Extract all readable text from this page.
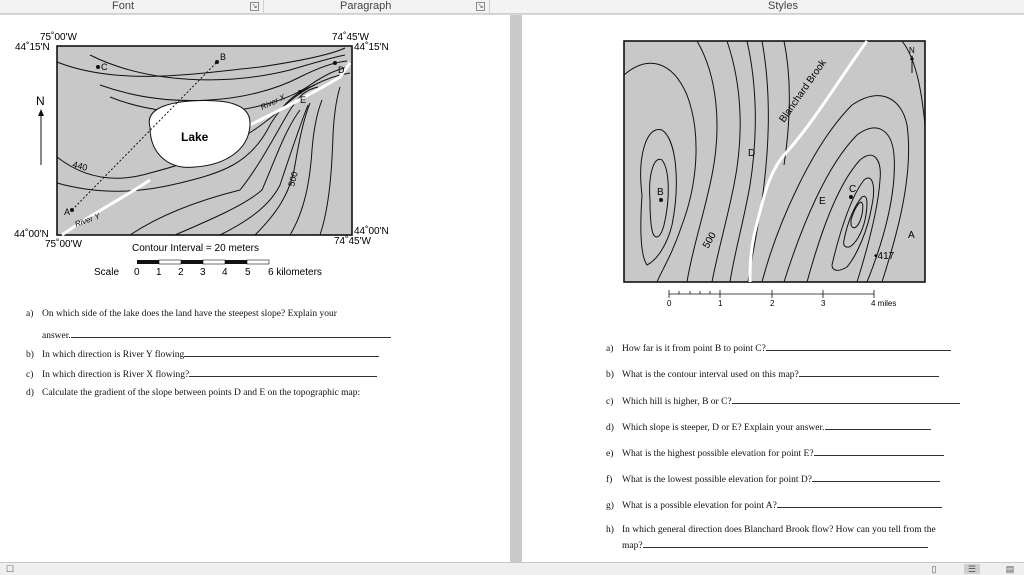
Font	↘	Paragraph	↘	Styles
75˚00'W
44˚15'N
74˚45'W
44˚15'N
44˚00'N
75˚00'W
44˚00'N
74˚45'W
N
Lake
River X
River Y
440
500
A
B
C	D
E
Contour Interval = 20 meters
Scale 0 1 2 3 4 5 6 kilometers
a) On which side of the lake does the land have the steepest slope? Explain your
answer.
b) In which direction is River Y flowing
c) In which direction is River X flowing?
d) Calculate the gradient of the slope between points D and E on the topographic map:
N
Blanchard Brook
500	A
B	C
D
E
•417
0	1	2	3	4 miles
a) How far is it from point B to point C?
b) What is the contour interval used on this map?
c) Which hill is higher, B or C?
d) Which slope is steeper, D or E? Explain your answer.
e) What is the highest possible elevation for point E?
f) What is the lowest possible elevation for point D?
g) What is a possible elevation for point A?
h) In which general direction does Blanchard Brook flow? How can you tell from the
map?
☐	▯	☰	▤
